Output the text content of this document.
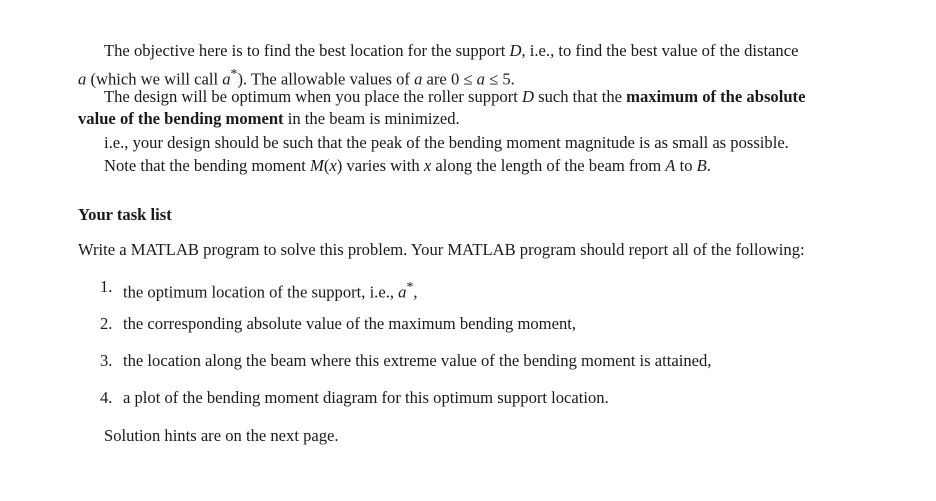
The objective here is to find the best location for the support D, i.e., to find the best value of the distance
a (which we will call a*). The allowable values of a are 0 ≤ a ≤ 5.
The design will be optimum when you place the roller support D such that the maximum of the absolute
value of the bending moment in the beam is minimized.
i.e., your design should be such that the peak of the bending moment magnitude is as small as possible.
Note that the bending moment M(x) varies with x along the length of the beam from A to B.
Your task list
Write a MATLAB program to solve this problem. Your MATLAB program should report all of the following:
1. the optimum location of the support, i.e., a*,
2. the corresponding absolute value of the maximum bending moment,
3. the location along the beam where this extreme value of the bending moment is attained,
4. a plot of the bending moment diagram for this optimum support location.
Solution hints are on the next page.
